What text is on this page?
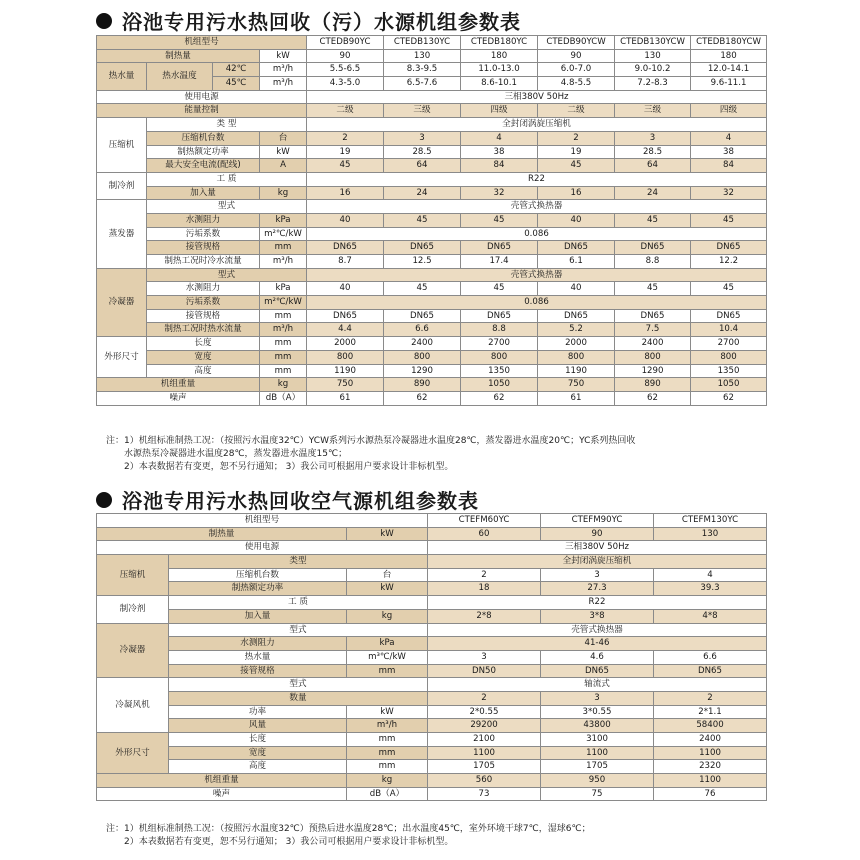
浴池专用污水热回收（污）水源机组参数表
机组型号				CTEDB90YC	CTEDB130YC	CTEDB180YC	CTEDB90YCW	CTEDB130YCW	CTEDB180YCW
制热量			kW	90	130	180	90	130	180
热水量	热水温度	42℃	m³/h	5.5-6.5	8.3-9.5	11.0-13.0	6.0-7.0	9.0-10.2	12.0-14.1
		45℃	m³/h	4.3-5.0	6.5-7.6	8.6-10.1	4.8-5.5	7.2-8.3	9.6-11.1
使用电源				三相380V 50Hz					
能量控制				二级	三级	四级	二级	三级	四级
压缩机	类 型			全封闭涡旋压缩机					
	压缩机台数		台	2	3	4	2	3	4
	制热额定功率		kW	19	28.5	38	19	28.5	38
	最大安全电流(配线)		A	45	64	84	45	64	84
制冷剂	工 质			R22					
	加入量		kg	16	24	32	16	24	32
蒸发器	型式			壳管式换热器					
	水测阻力		kPa	40	45	45	40	45	45
	污垢系数		m²℃/kW	0.086					
	接管规格		mm	DN65	DN65	DN65	DN65	DN65	DN65
	制热工况时冷水流量		m³/h	8.7	12.5	17.4	6.1	8.8	12.2
冷凝器	型式			壳管式换热器					
	水测阻力		kPa	40	45	45	40	45	45
	污垢系数		m²℃/kW	0.086					
	接管规格		mm	DN65	DN65	DN65	DN65	DN65	DN65
	制热工况时热水流量		m³/h	4.4	6.6	8.8	5.2	7.5	10.4
外形尺寸	长度		mm	2000	2400	2700	2000	2400	2700
	宽度		mm	800	800	800	800	800	800
	高度		mm	1190	1290	1350	1190	1290	1350
机组重量			kg	750	890	1050	750	890	1050
噪声			dB（A）	61	62	62	61	62	62
注：1）机组标准制热工况：（按照污水温度32℃）YCW系列污水源热泵冷凝器进水温度28℃，蒸发器进水温度20℃；YC系列热回收
水源热泵冷凝器进水温度28℃，蒸发器进水温度15℃；
2）本表数据若有变更，恕不另行通知； 3）我公司可根据用户要求设计非标机型。
浴池专用污水热回收空气源机组参数表
机组型号			CTEFM60YC	CTEFM90YC	CTEFM130YC
制热量		kW	60	90	130
使用电源			三相380V 50Hz		
压缩机	类型		全封闭涡旋压缩机		
	压缩机台数	台	2	3	4
	制热额定功率	kW	18	27.3	39.3
制冷剂	工 质		R22		
	加入量	kg	2*8	3*8	4*8
冷凝器	型式		壳管式换热器		
	水测阻力	kPa	41-46		
	热水量	m³℃/kW	3	4.6	6.6
	接管规格	mm	DN50	DN65	DN65
冷凝风机	型式		轴流式		
	数量		2	3	2
	功率	kW	2*0.55	3*0.55	2*1.1
	风量	m³/h	29200	43800	58400
外形尺寸	长度	mm	2100	3100	2400
	宽度	mm	1100	1100	1100
	高度	mm	1705	1705	2320
机组重量		kg	560	950	1100
噪声		dB（A）	73	75	76
注：1）机组标准制热工况：（按照污水温度32℃）预热后进水温度28℃；出水温度45℃，室外环境干球7℃，湿球6℃；
2）本表数据若有变更，恕不另行通知； 3）我公司可根据用户要求设计非标机型。
